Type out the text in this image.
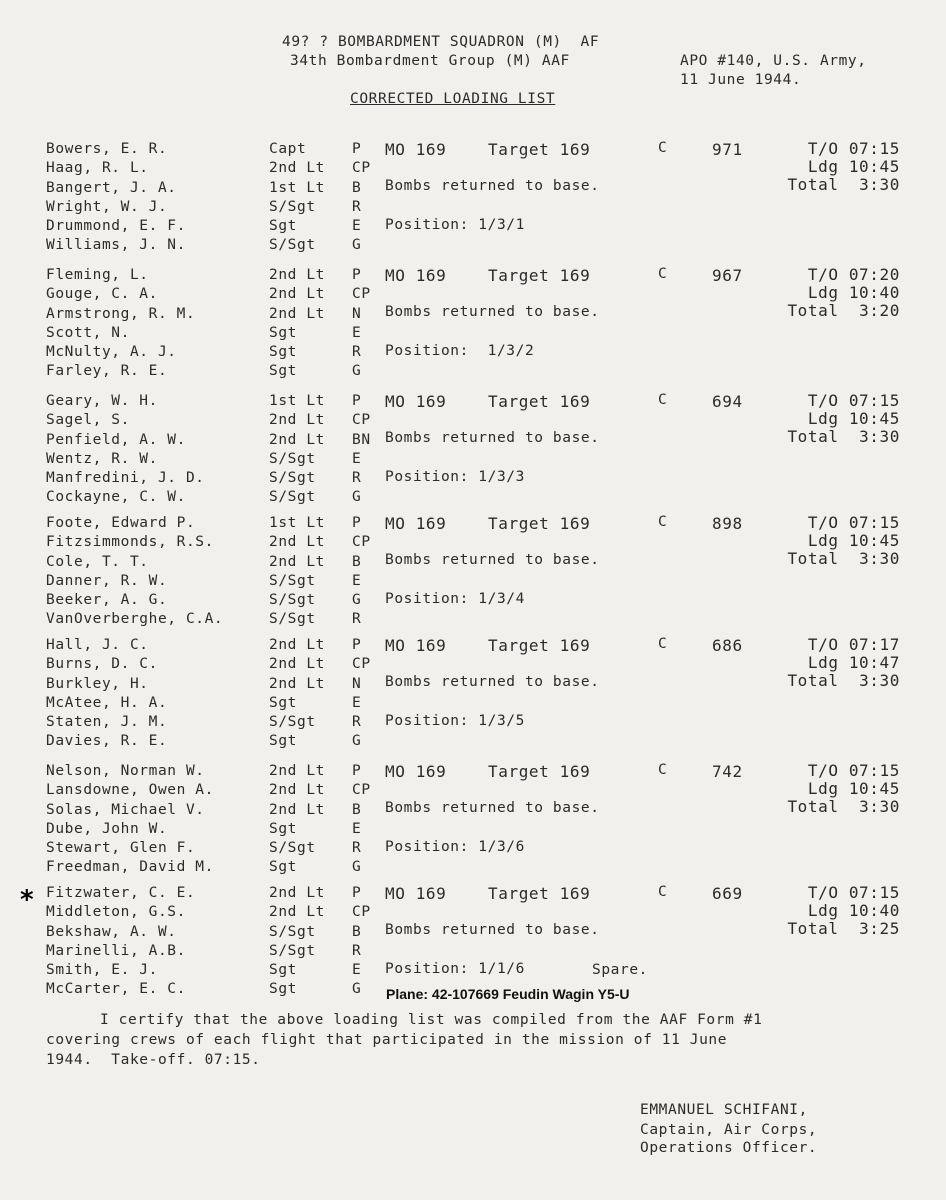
49? ? BOMBARDMENT SQUADRON (M)  AF
34th Bombardment Group (M) AAF	APO #140, U.S. Army,
11 June 1944.
CORRECTED LOADING LIST
Bowers, E. R.	Capt	P
Haag, R. L.	2nd Lt CP
Bangert, J. A.	1st Lt B
Wright, W. J.	S/Sgt	R
Drummond, E. F.	Sgt	E
Williams, J. N.	S/Sgt	G
MO 169	Target 169	C	971
Bombs returned to base.
Position: 1/3/1
T/O 07:15
Ldg 10:45
Total  3:30
Fleming, L.	2nd Lt P
Gouge, C. A.	2nd Lt CP
Armstrong, R. M.	2nd Lt N
Scott, N.	Sgt	E
McNulty, A. J.	Sgt	R
Farley, R. E.	Sgt	G
MO 169	Target 169	C	967
Bombs returned to base.
Position:  1/3/2
T/O 07:20
Ldg 10:40
Total  3:20
Geary, W. H.	1st Lt P
Sagel, S.	2nd Lt CP
Penfield, A. W.	2nd Lt BN
Wentz, R. W.	S/Sgt	E
Manfredini, J. D.	S/Sgt	R
Cockayne, C. W.	S/Sgt	G
MO 169	Target 169	C	694
Bombs returned to base.
Position: 1/3/3
T/O 07:15
Ldg 10:45
Total  3:30
Foote, Edward P.	1st Lt P
Fitzsimmonds, R.S.	2nd Lt CP
Cole, T. T.	2nd Lt B
Danner, R. W.	S/Sgt	E
Beeker, A. G.	S/Sgt	G
VanOverberghe, C.A.	S/Sgt	R
MO 169	Target 169	C	898
Bombs returned to base.
Position: 1/3/4
T/O 07:15
Ldg 10:45
Total  3:30
Hall, J. C.	2nd Lt P
Burns, D. C.	2nd Lt CP
Burkley, H.	2nd Lt N
McAtee, H. A.	Sgt	E
Staten, J. M.	S/Sgt	R
Davies, R. E.	Sgt	G
MO 169	Target 169	C	686
Bombs returned to base.
Position: 1/3/5
T/O 07:17
Ldg 10:47
Total  3:30
Nelson, Norman W.	2nd Lt P
Lansdowne, Owen A.	2nd Lt CP
Solas, Michael V.	2nd Lt B
Dube, John W.	Sgt	E
Stewart, Glen F.	S/Sgt	R
Freedman, David M.	Sgt	G
MO 169	Target 169	C	742
Bombs returned to base.
Position: 1/3/6
T/O 07:15
Ldg 10:45
Total  3:30
Fitzwater, C. E.	2nd Lt P
Middleton, G.S.	2nd Lt CP
Bekshaw, A. W.	S/Sgt	B
Marinelli, A.B.	S/Sgt	R
Smith, E. J.	Sgt	E
McCarter, E. C.	Sgt	G
MO 169	Target 169	C	669
Bombs returned to base.
Position: 1/1/6
T/O 07:15
Ldg 10:40
Total  3:25
*
Spare.
Plane: 42-107669 Feudin Wagin Y5-U
I certify that the above loading list was compiled from the AAF Form #1
covering crews of each flight that participated in the mission of 11 June
1944.  Take-off. 07:15.
EMMANUEL SCHIFANI,
Captain, Air Corps,
Operations Officer.
